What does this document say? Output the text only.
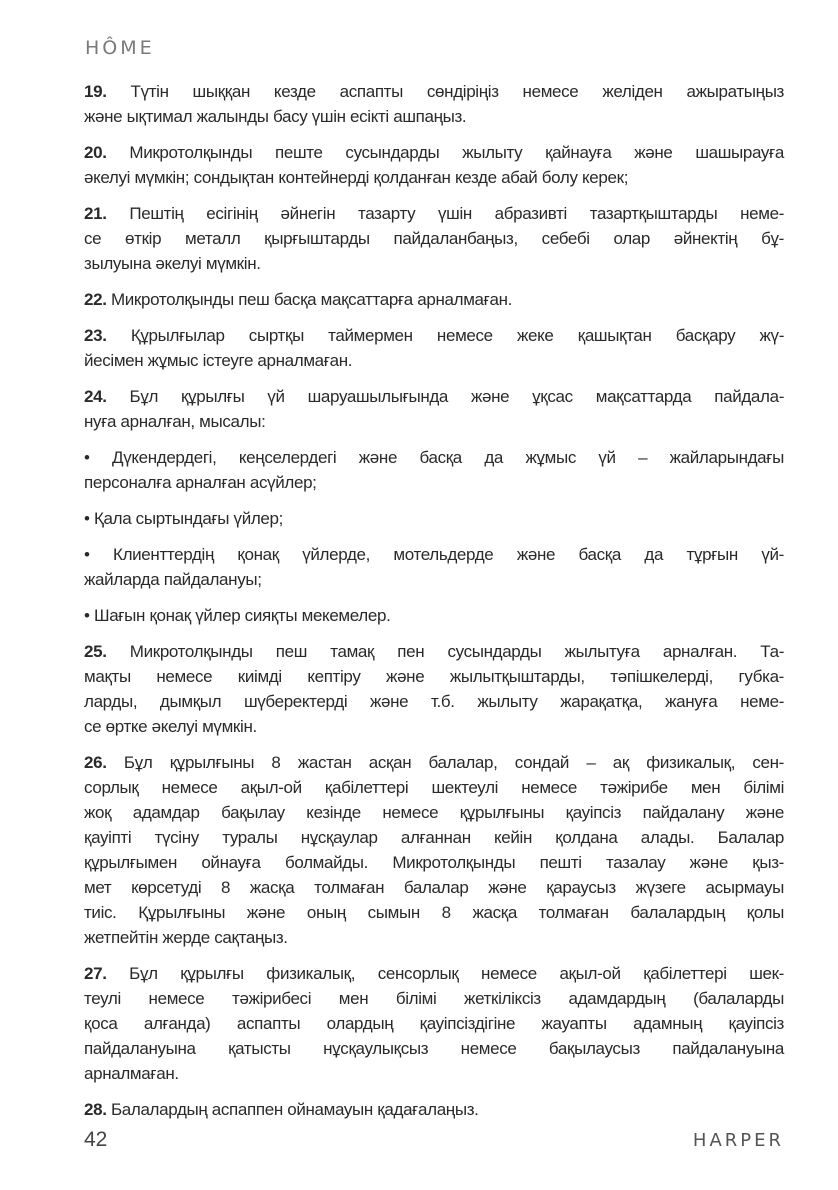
HÔME
19. Түтін шыққан кезде аспапты сөндіріңіз немесе желіден ажыратыңыз
және ықтимал жалынды басу үшін есікті ашпаңыз.
20. Микротолқынды пеште сусындарды жылыту қайнауға және шашырауға
әкелуі мүмкін; сондықтан контейнерді қолданған кезде абай болу керек;
21. Пештің есігінің әйнегін тазарту үшін абразивті тазартқыштарды неме-
се өткір металл қырғыштарды пайдаланбаңыз, себебі олар әйнектің бұ-
зылуына әкелуі мүмкін.
22. Микротолқынды пеш басқа мақсаттарға арналмаған.
23. Құрылғылар сыртқы таймермен немесе жеке қашықтан басқару жү-
йесімен жұмыс істеуге арналмаған.
24. Бұл құрылғы үй шаруашылығында және ұқсас мақсаттарда пайдала-
нуға арналған, мысалы:
• Дүкендердегі, кеңселердегі және басқа да жұмыс үй – жайларындағы
персоналға арналған асүйлер;
• Қала сыртындағы үйлер;
• Клиенттердің қонақ үйлерде, мотельдерде және басқа да тұрғын үй-
жайларда пайдалануы;
• Шағын қонақ үйлер сияқты мекемелер.
25. Микротолқынды пеш тамақ пен сусындарды жылытуға арналған. Та-
мақты немесе киімді кептіру және жылытқыштарды, тәпішкелерді, губка-
ларды, дымқыл шүберектерді және т.б. жылыту жарақатқа, жануға неме-
се өртке әкелуі мүмкін.
26. Бұл құрылғыны 8 жастан асқан балалар, сондай – ақ физикалық, сен-
сорлық немесе ақыл-ой қабілеттері шектеулі немесе тәжірибе мен білімі
жоқ адамдар бақылау кезінде немесе құрылғыны қауіпсіз пайдалану және
қауіпті түсіну туралы нұсқаулар алғаннан кейін қолдана алады. Балалар
құрылғымен ойнауға болмайды. Микротолқынды пешті тазалау және қыз-
мет көрсетуді 8 жасқа толмаған балалар және қараусыз жүзеге асырмауы
тиіс. Құрылғыны және оның сымын 8 жасқа толмаған балалардың қолы
жетпейтін жерде сақтаңыз.
27. Бұл құрылғы физикалық, сенсорлық немесе ақыл-ой қабілеттері шек-
теулі немесе тәжірибесі мен білімі жеткіліксіз адамдардың (балаларды
қоса алғанда) аспапты олардың қауіпсіздігіне жауапты адамның қауіпсіз
пайдалануына қатысты нұсқаулықсыз немесе бақылаусыз пайдалануына
арналмаған.
28. Балалардың аспаппен ойнамауын қадағалаңыз.
42	HARPER
